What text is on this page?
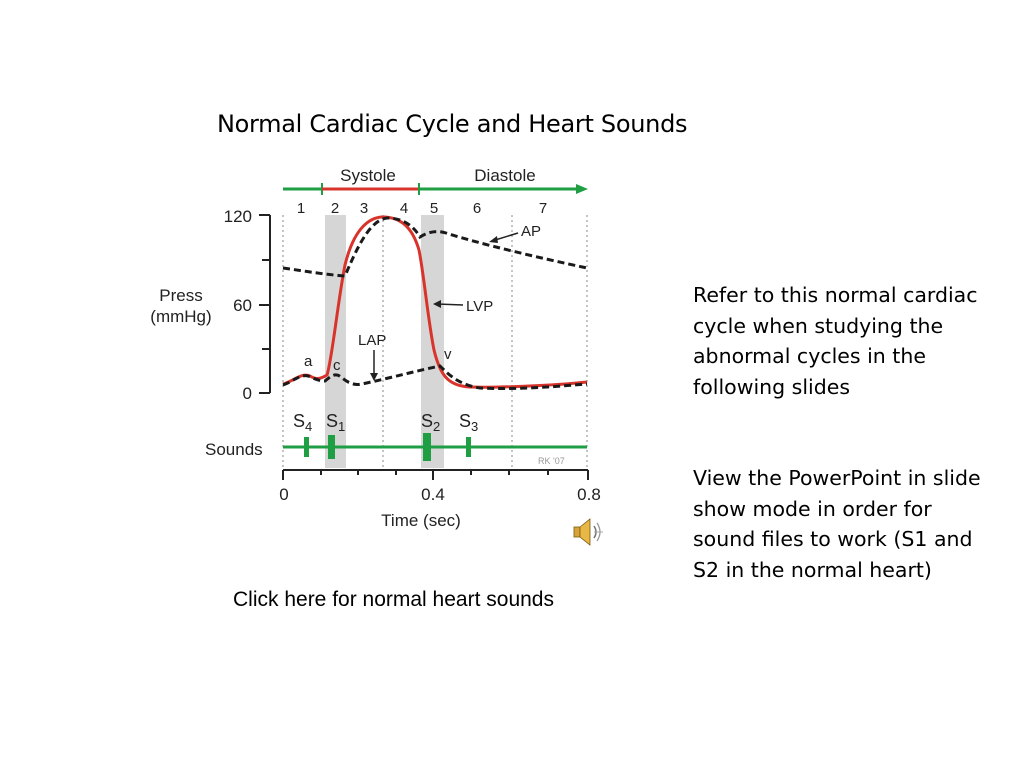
Normal Cardiac Cycle and Heart Sounds
Systole	Diastole
1 2 3 4 5 6	7
120
60
0
Press
(mmHg)
AP
LVP
LAP
a c
v
$S_4$ $S_1$	$S_2$ $S_3$
Sounds
RK '07
0	0.4	0.8
Time (sec)

Refer to this normal cardiac cycle when studying the abnormal cycles in the following slides

View the PowerPoint in slide show mode in order for sound files to work (S1 and S2 in the normal heart)

Click here for normal heart sounds
